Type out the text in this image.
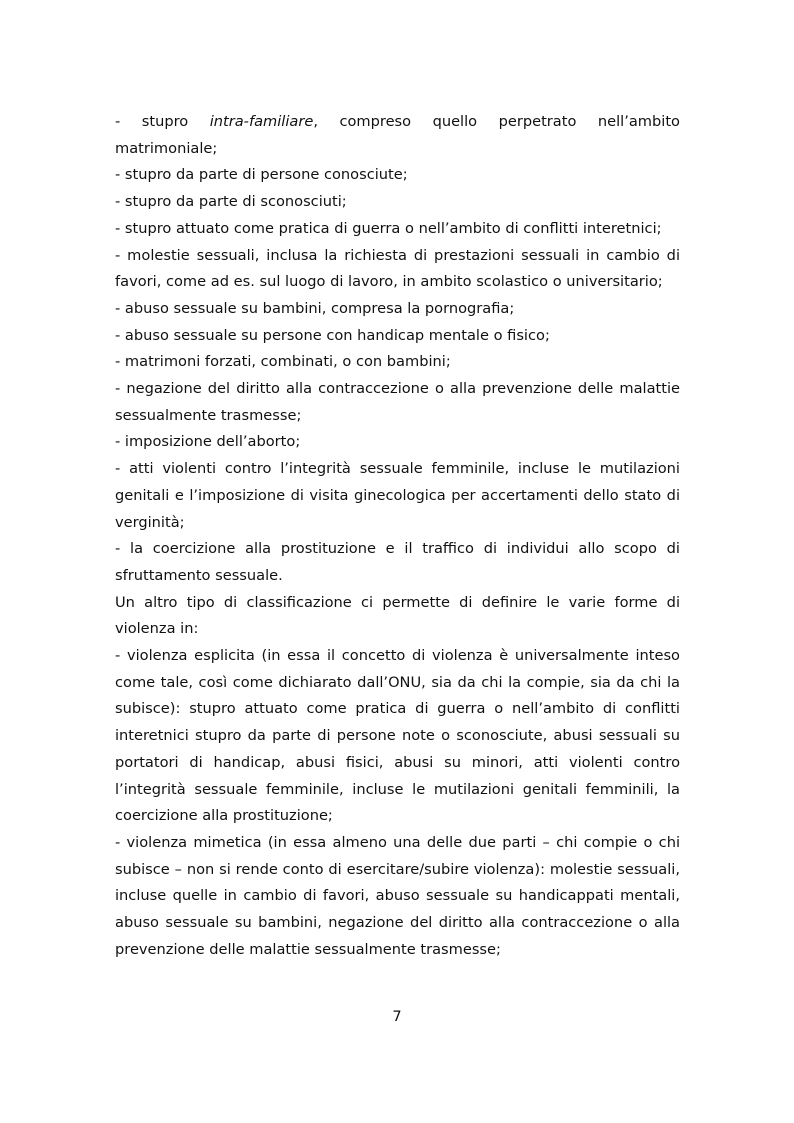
- stupro intra-familiare, compreso quello perpetrato nell’ambito matrimoniale;

- stupro da parte di persone conosciute;

- stupro da parte di sconosciuti;

- stupro attuato come pratica di guerra o nell’ambito di conflitti interetnici;

- molestie sessuali, inclusa la richiesta di prestazioni sessuali in cambio di favori, come ad es. sul luogo di lavoro, in ambito scolastico o universitario;

- abuso sessuale su bambini, compresa la pornografia;

- abuso sessuale su persone con handicap mentale o fisico;

- matrimoni forzati, combinati, o con bambini;

- negazione del diritto alla contraccezione o alla prevenzione delle malattie sessualmente trasmesse;

- imposizione dell’aborto;

- atti violenti contro l’integrità sessuale femminile, incluse le mutilazioni genitali e l’imposizione di visita ginecologica per accertamenti dello stato di verginità;

- la coercizione alla prostituzione e il traffico di individui allo scopo di sfruttamento sessuale.

Un altro tipo di classificazione ci permette di definire le varie forme di violenza in:

- violenza esplicita (in essa il concetto di violenza è universalmente inteso come tale, così come dichiarato dall’ONU, sia da chi la compie, sia da chi la subisce): stupro attuato come pratica di guerra o nell’ambito di conflitti interetnici stupro da parte di persone note o sconosciute, abusi sessuali su portatori di handicap, abusi fisici, abusi su minori, atti violenti contro l’integrità sessuale femminile, incluse le mutilazioni genitali femminili, la coercizione alla prostituzione;

- violenza mimetica (in essa almeno una delle due parti – chi compie o chi subisce – non si rende conto di esercitare/subire violenza): molestie sessuali, incluse quelle in cambio di favori, abuso sessuale su handicappati mentali, abuso sessuale su bambini, negazione del diritto alla contraccezione o alla prevenzione delle malattie sessualmente trasmesse;

7
